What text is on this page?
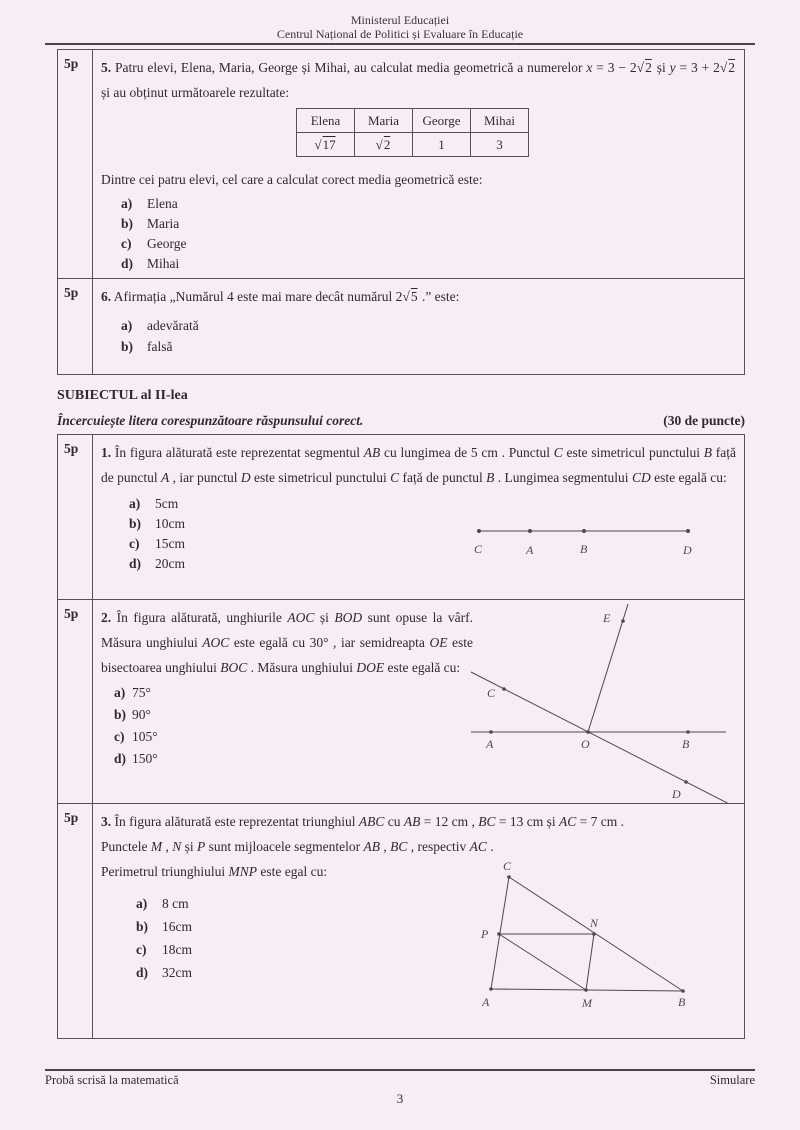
Ministerul Educației
Centrul Național de Politici și Evaluare în Educație
5p	5. Patru elevi, Elena, Maria, George și Mihai, au calculat media geometrică a numerelor x = 3 − 2√2 și y = 3 + 2√2 și au obținut următoarele rezultate:

Elena	Maria	George	Mihai
√17	√2	1	3

Dintre cei patru elevi, cel care a calculat corect media geometrică este:

a)	Elena
b)	Maria
c)	George
d)	Mihai
5p	6. Afirmația „Numărul 4 este mai mare decât numărul 2√5 .” este:

a)	adevărată
b)	falsă
SUBIECTUL al II-lea
Încercuiește litera corespunzătoare răspunsului corect.	(30 de puncte)
5p	1. În figura alăturată este reprezentat segmentul AB cu lungimea de 5 cm . Punctul C este simetricul punctului B față de punctul A , iar punctul D este simetricul punctului C față de punctul B . Lungimea segmentului CD este egală cu:

a)	5cm
b)	10cm
c)	15cm
d)	20cm
C	A	B	D
5p	2. În figura alăturată, unghiurile AOC și BOD sunt opuse la vârf. Măsura unghiului AOC este egală cu 30° , iar semidreapta OE este bisectoarea unghiului BOC . Măsura unghiului DOE este egală cu:

a) 75°
b) 90°
c) 105°
d) 150°
A	O	B
C
D
E
5p	3. În figura alăturată este reprezentat triunghiul ABC cu AB = 12 cm , BC = 13 cm și AC = 7 cm .

Punctele M , N și P sunt mijloacele segmentelor AB , BC , respectiv AC .

Perimetrul triunghiului MNP este egal cu:

a)	8 cm
b)	16cm
c)	18cm
d)	32cm
C
P
N
A	M	B
Probă scrisă la matematică	Simulare
3
